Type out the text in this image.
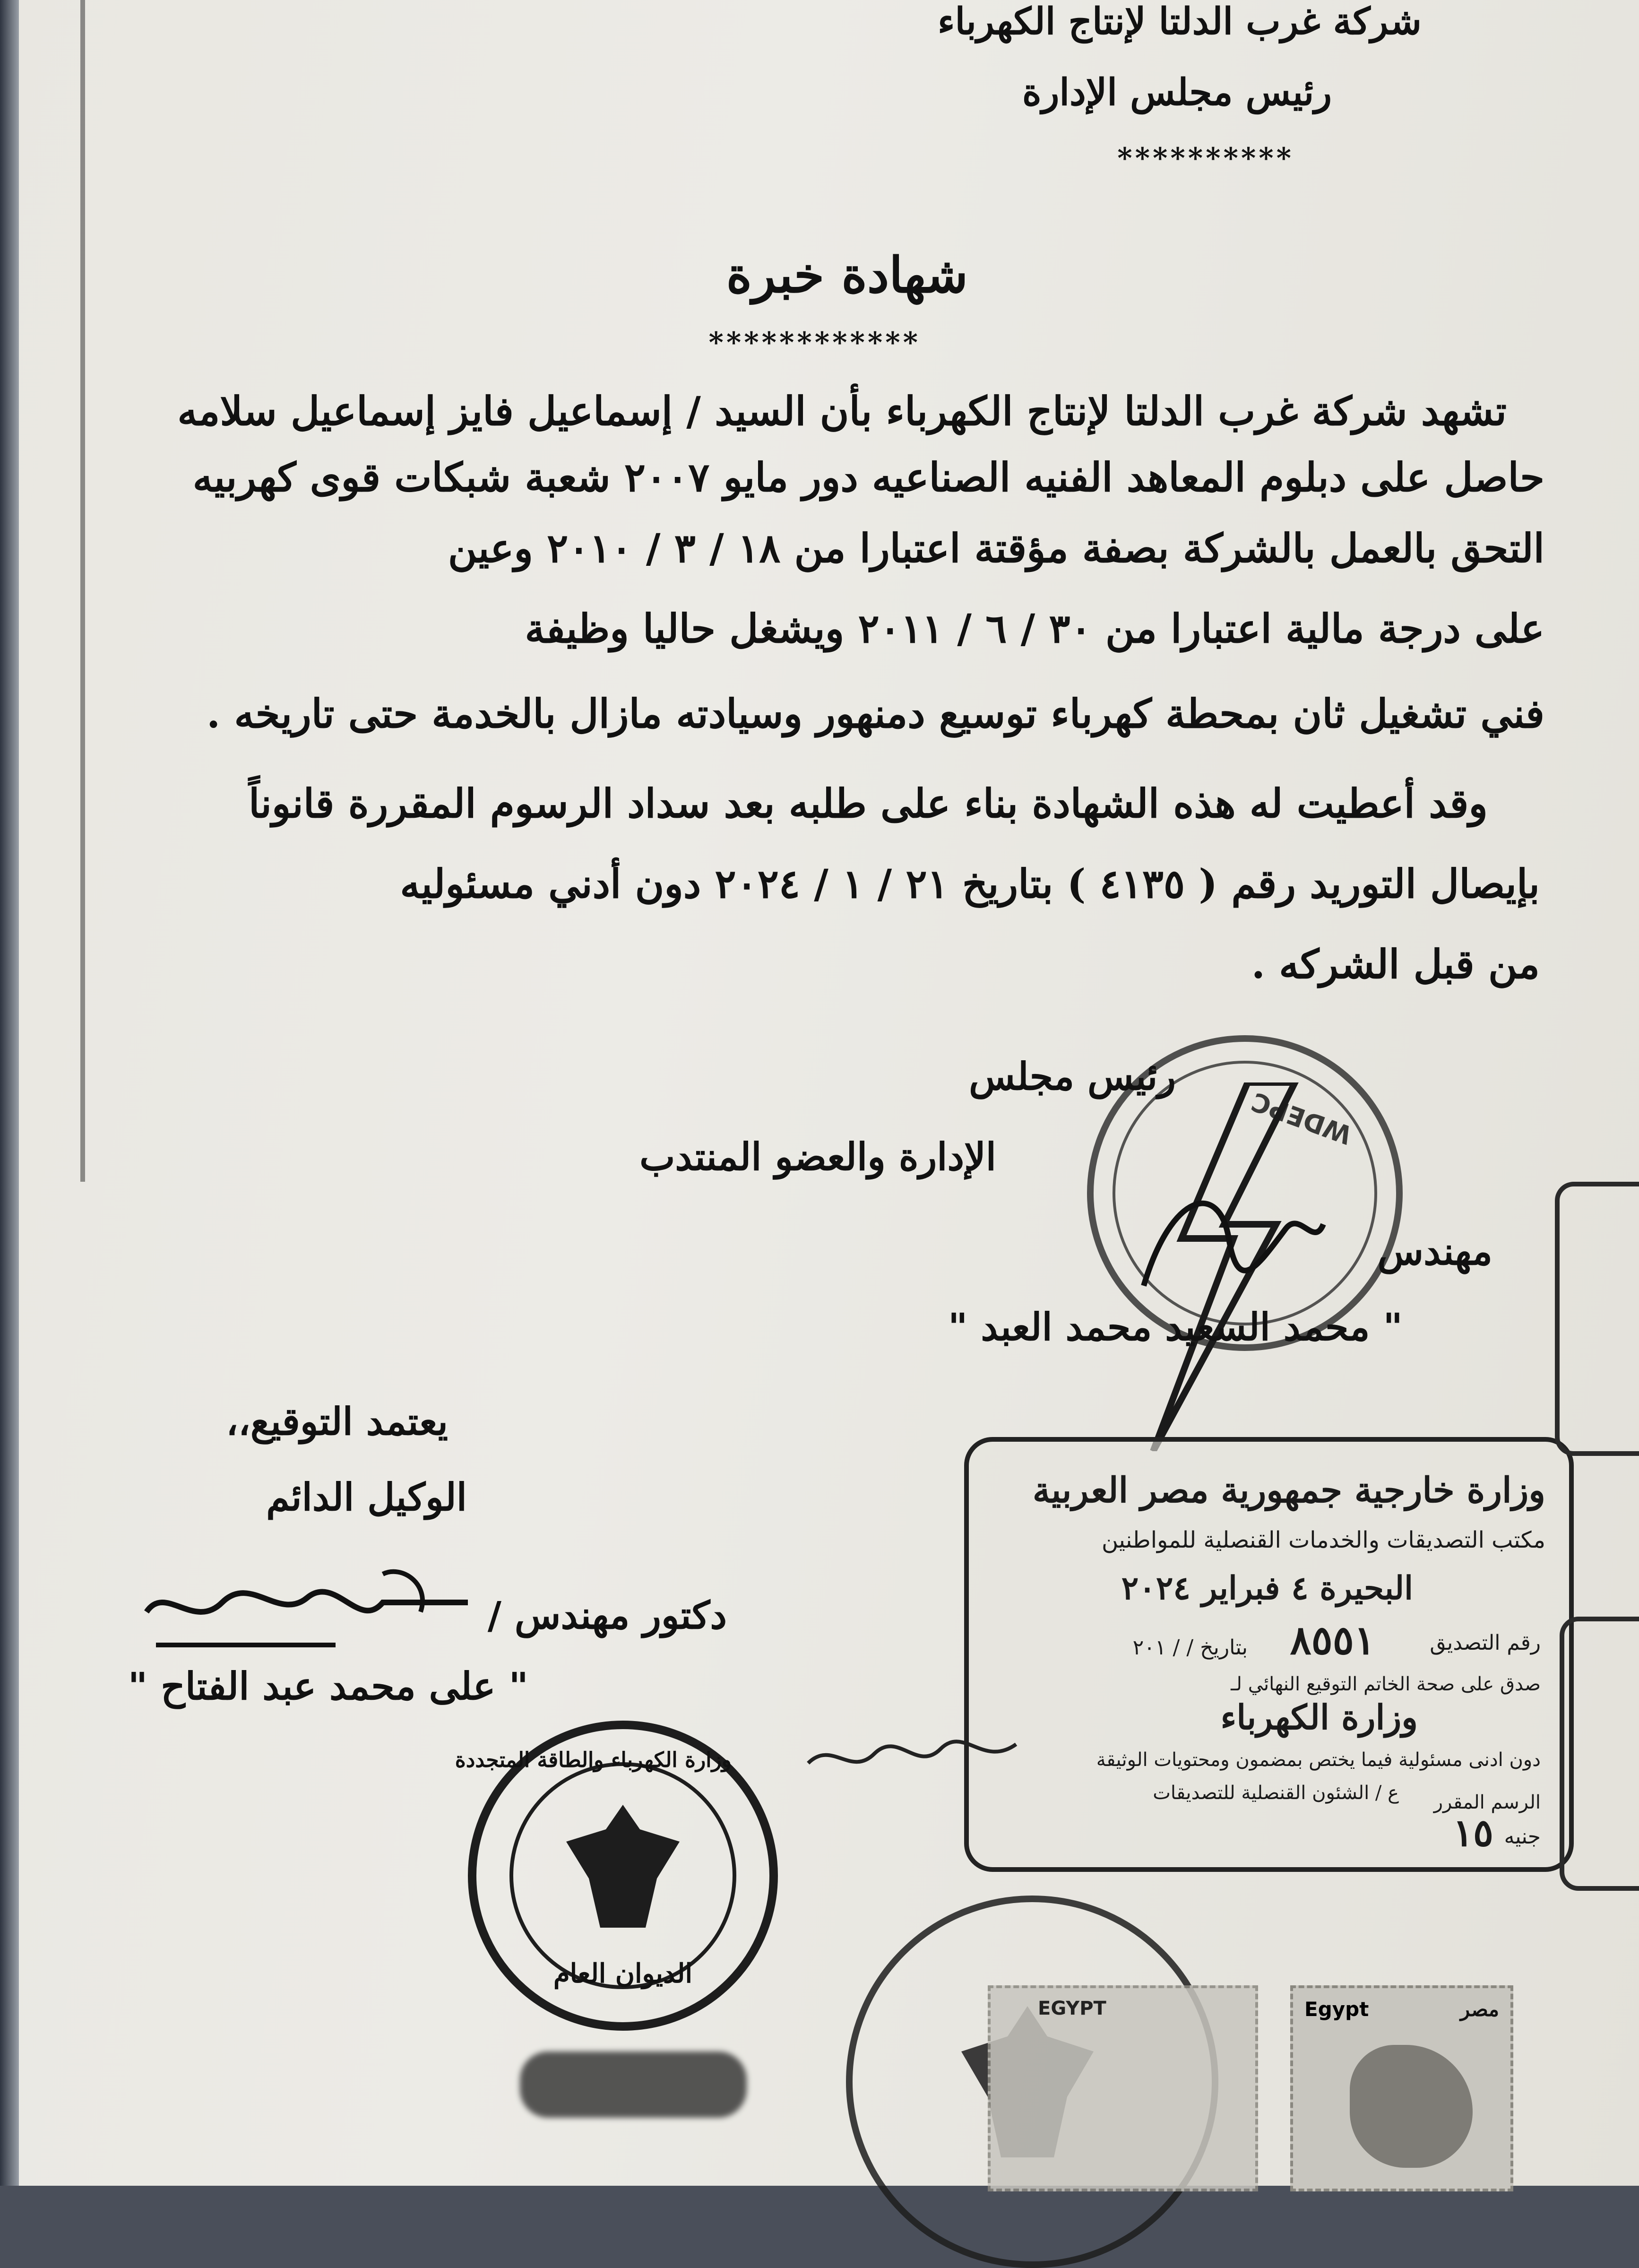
شركة غرب الدلتا لإنتاج الكهرباء
رئيس مجلس الإدارة
**********
شهادة خبرة
************
تشهد شركة غرب الدلتا لإنتاج الكهرباء بأن السيد / إسماعيل فايز إسماعيل سلامه
حاصل على دبلوم المعاهد الفنيه الصناعيه دور مايو ٢٠٠٧ شعبة شبكات قوى كهربيه
التحق بالعمل بالشركة بصفة مؤقتة اعتبارا من ١٨ / ٣ / ٢٠١٠ وعين
على درجة مالية اعتبارا من ٣٠ / ٦ / ٢٠١١ ويشغل حاليا وظيفة
فني تشغيل ثان بمحطة كهرباء توسيع دمنهور وسيادته مازال بالخدمة حتى تاريخه .
وقد أعطيت له هذه الشهادة بناء على طلبه بعد سداد الرسوم المقررة قانوناً
بإيصال التوريد رقم ( ٤١٣٥ ) بتاريخ ٢١ / ١ / ٢٠٢٤ دون أدني مسئوليه
من قبل الشركه .
WDEPC
رئيس مجلس
الإدارة والعضو المنتدب
مهندس
" محمد السعيد محمد العبد "
يعتمد التوقيع،،
الوكيل الدائم
دكتور مهندس /
" على محمد عبد الفتاح "
وزارة الكهرباء والطاقة المتجددة
الديوان العام
وزارة خارجية جمهورية مصر العربية
مكتب التصديقات والخدمات القنصلية للمواطنين
البحيرة ٤ فبراير ٢٠٢٤
رقم التصديق
٨٥٥١
بتاريخ / / ٢٠١
صدق على صحة الخاتم التوقيع النهائي لـ
وزارة الكهرباء
دون ادنى مسئولية فيما يختص بمضمون ومحتويات الوثيقة
ع / الشئون القنصلية للتصديقات الرسم المقرر
جنيه
١٥
Egypt	مصر
EGYPT
